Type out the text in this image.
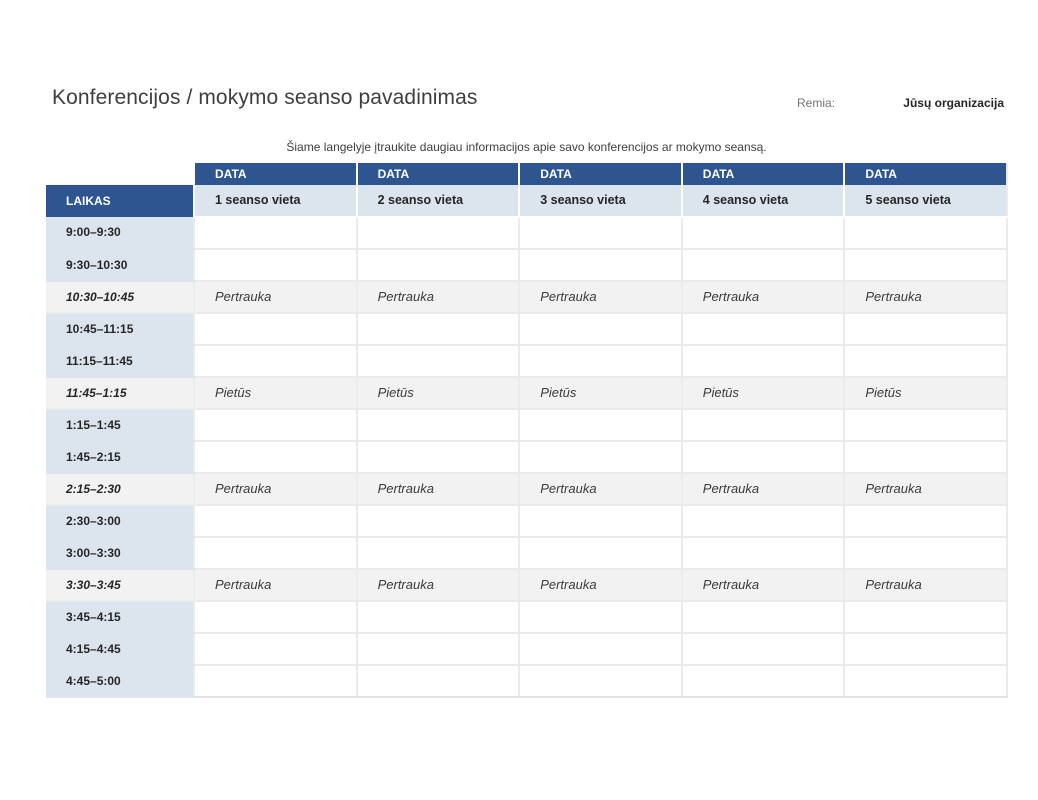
Konferencijos / mokymo seanso pavadinimas	Remia:	Jūsų organizacija
Šiame langelyje įtraukite daugiau informacijos apie savo konferencijos ar mokymo seansą.
	DATA	DATA	DATA	DATA	DATA
LAIKAS	1 seanso vieta	2 seanso vieta	3 seanso vieta	4 seanso vieta	5 seanso vieta
9:00–9:30					
9:30–10:30					
10:30–10:45	Pertrauka	Pertrauka	Pertrauka	Pertrauka	Pertrauka
10:45–11:15					
11:15–11:45					
11:45–1:15	Pietūs	Pietūs	Pietūs	Pietūs	Pietūs
1:15–1:45					
1:45–2:15					
2:15–2:30	Pertrauka	Pertrauka	Pertrauka	Pertrauka	Pertrauka
2:30–3:00					
3:00–3:30					
3:30–3:45	Pertrauka	Pertrauka	Pertrauka	Pertrauka	Pertrauka
3:45–4:15					
4:15–4:45					
4:45–5:00					
